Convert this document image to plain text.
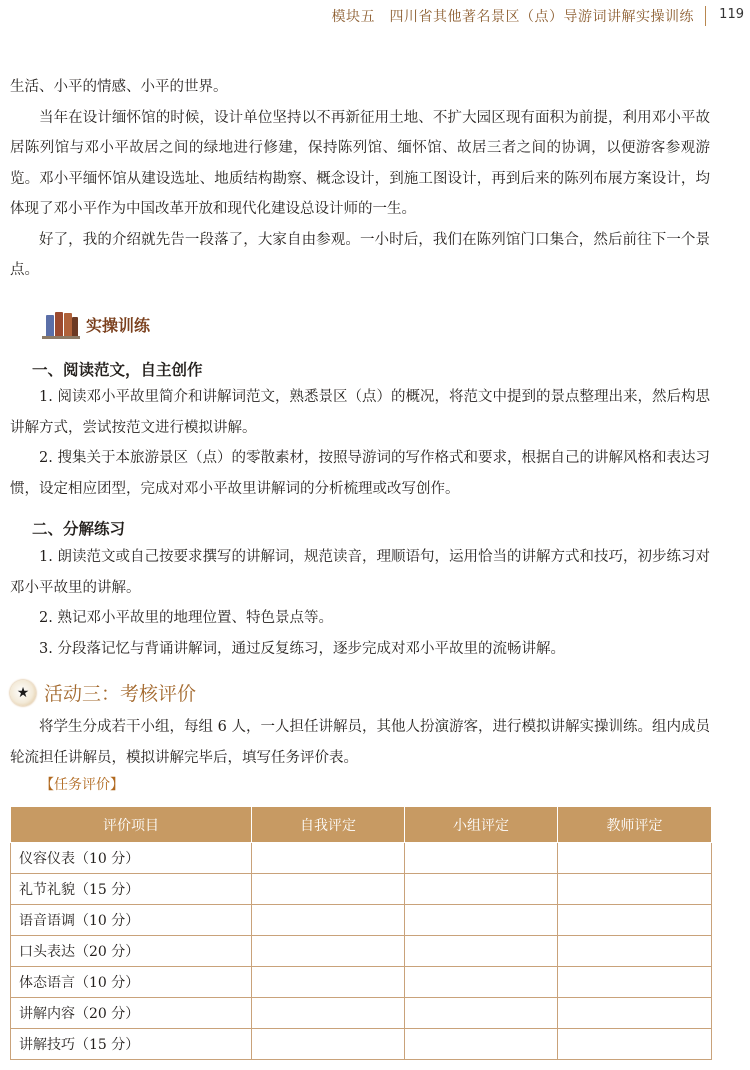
模块五　四川省其他著名景区（点）导游词讲解实操训练 119

生活、小平的情感、小平的世界。

当年在设计缅怀馆的时候，设计单位坚持以不再新征用土地、不扩大园区现有面积为前提，利用邓小平故居陈列馆与邓小平故居之间的绿地进行修建，保持陈列馆、缅怀馆、故居三者之间的协调，以便游客参观游览。邓小平缅怀馆从建设选址、地质结构勘察、概念设计，到施工图设计，再到后来的陈列布展方案设计，均体现了邓小平作为中国改革开放和现代化建设总设计师的一生。

好了，我的介绍就先告一段落了，大家自由参观。一小时后，我们在陈列馆门口集合，然后前往下一个景点。

实操训练
一、阅读范文，自主创作

1. 阅读邓小平故里简介和讲解词范文，熟悉景区（点）的概况，将范文中提到的景点整理出来，然后构思讲解方式，尝试按范文进行模拟讲解。

2. 搜集关于本旅游景区（点）的零散素材，按照导游词的写作格式和要求，根据自己的讲解风格和表达习惯，设定相应团型，完成对邓小平故里讲解词的分析梳理或改写创作。

二、分解练习

1. 朗读范文或自己按要求撰写的讲解词，规范读音，理顺语句，运用恰当的讲解方式和技巧，初步练习对邓小平故里的讲解。

2. 熟记邓小平故里的地理位置、特色景点等。

3. 分段落记忆与背诵讲解词，通过反复练习，逐步完成对邓小平故里的流畅讲解。

★ 活动三：考核评价

将学生分成若干小组，每组 6 人，一人担任讲解员，其他人扮演游客，进行模拟讲解实操训练。组内成员轮流担任讲解员，模拟讲解完毕后，填写任务评价表。

【任务评价】
评价项目	自我评定	小组评定	教师评定
仪容仪表（10 分）			
礼节礼貌（15 分）			
语音语调（10 分）			
口头表达（20 分）			
体态语言（10 分）			
讲解内容（20 分）			
讲解技巧（15 分）			
